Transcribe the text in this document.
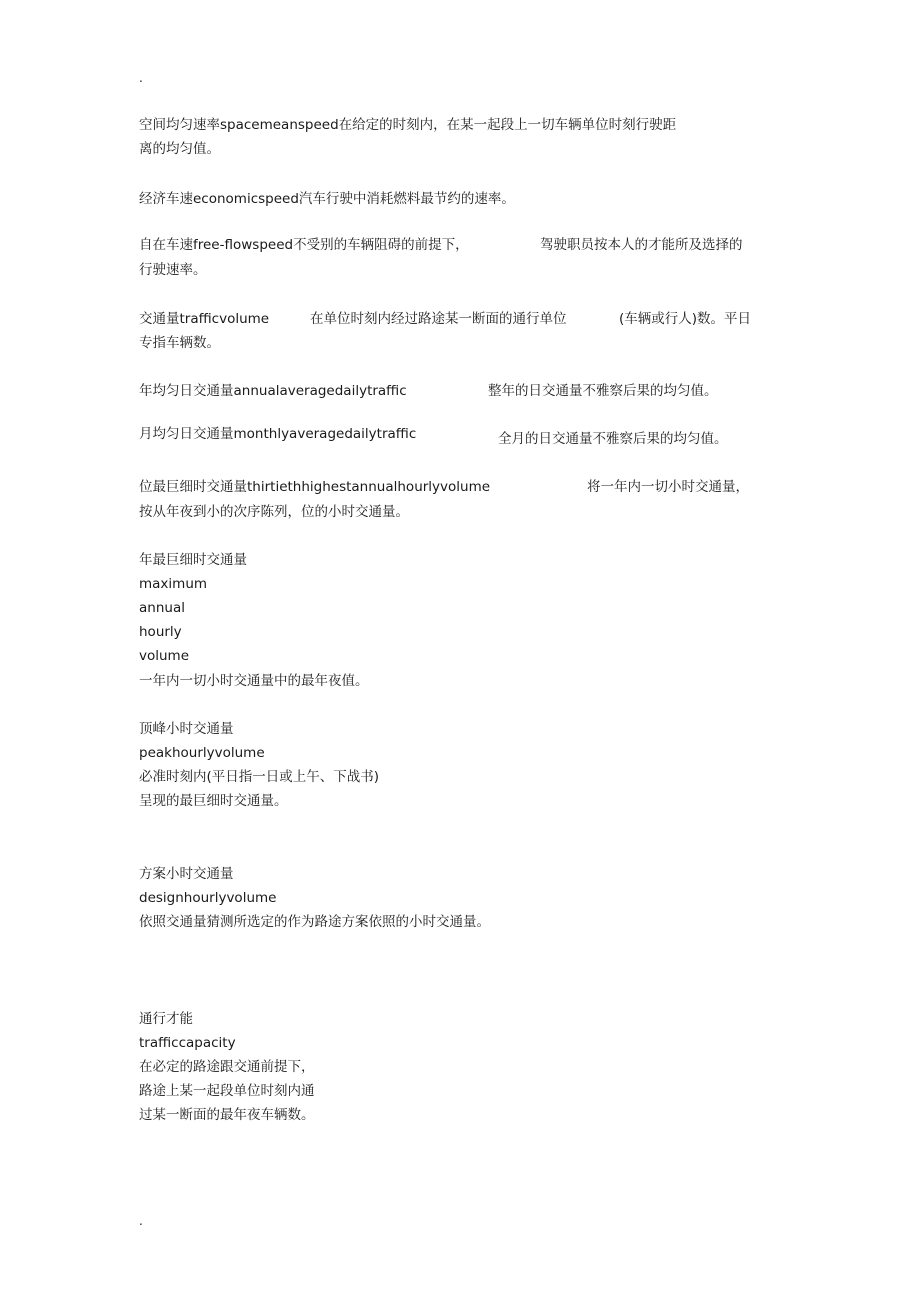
.
空间均匀速率spacemeanspeed在给定的时刻内，在某一起段上一切车辆单位时刻行驶距
离的均匀值。
经济车速economicspeed汽车行驶中消耗燃料最节约的速率。
自在车速free-flowspeed不受别的车辆阻碍的前提下，	驾驶职员按本人的才能所及选择的
行驶速率。
交通量trafficvolume	在单位时刻内经过路途某一断面的通行单位	(车辆或行人)数。平日
专指车辆数。
年均匀日交通量annualaveragedailytraffic	整年的日交通量不雅察后果的均匀值。
月均匀日交通量monthlyaveragedailytraffic	全月的日交通量不雅察后果的均匀值。
位最巨细时交通量thirtiethhighestannualhourlyvolume	将一年内一切小时交通量，
按从年夜到小的次序陈列，位的小时交通量。
年最巨细时交通量
maximum
annual
hourly
volume
一年内一切小时交通量中的最年夜值。
顶峰小时交通量
peakhourlyvolume
必准时刻内(平日指一日或上午、下战书)
呈现的最巨细时交通量。
方案小时交通量
designhourlyvolume
依照交通量猜测所选定的作为路途方案依照的小时交通量。
通行才能
trafficcapacity
在必定的路途跟交通前提下，
路途上某一起段单位时刻内通
过某一断面的最年夜车辆数。
.
